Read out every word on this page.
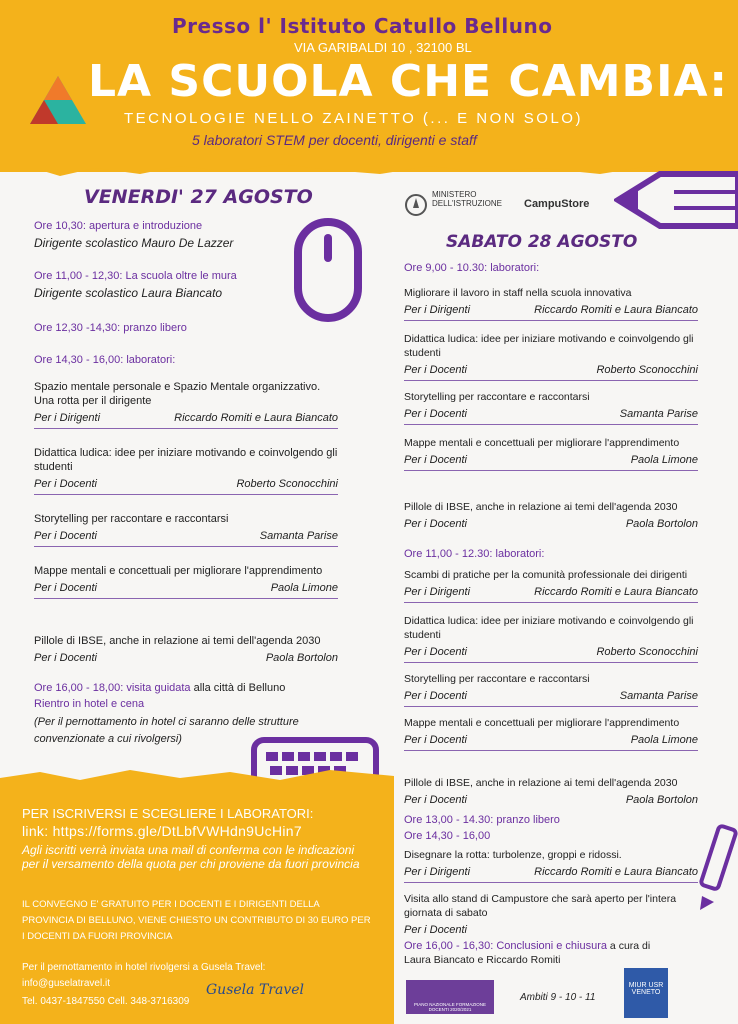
Presso l' Istituto Catullo Belluno
VIA GARIBALDI 10 , 32100 BL
LA SCUOLA CHE CAMBIA:
TECNOLOGIE NELLO ZAINETTO (... E NON SOLO)
5 laboratori STEM per docenti, dirigenti e staff
VENERDI' 27 AGOSTO
Ore 10,30: apertura e introduzione
Dirigente scolastico Mauro De Lazzer
Ore 11,00 - 12,30: La scuola oltre le mura
Dirigente scolastico Laura Biancato
Ore 12,30 -14,30: pranzo libero
Ore 14,30 - 16,00: laboratori:
Spazio mentale personale e Spazio Mentale organizzativo. Una rotta per il dirigente
Per i Dirigenti	Riccardo Romiti e Laura Biancato
Didattica ludica: idee per iniziare motivando e coinvolgendo gli studenti
Per i Docenti	Roberto Sconocchini
Storytelling per raccontare e raccontarsi
Per i Docenti	Samanta Parise
Mappe mentali e concettuali per migliorare l'apprendimento
Per i Docenti	Paola Limone
Pillole di IBSE, anche in relazione ai temi dell'agenda 2030
Per i Docenti	Paola Bortolon
Ore 16,00 - 18,00: visita guidata alla città di Belluno
Rientro in hotel e cena
(Per il pernottamento in hotel ci saranno delle strutture convenzionate a cui rivolgersi)
MINISTERO
DELL'ISTRUZIONE CampuStore
SABATO 28 AGOSTO
Ore 9,00 - 10.30: laboratori:
Migliorare il lavoro in staff nella scuola innovativa
Per i Dirigenti	Riccardo Romiti e Laura Biancato
Didattica ludica: idee per iniziare motivando e coinvolgendo gli studenti
Per i Docenti	Roberto Sconocchini
Storytelling per raccontare e raccontarsi
Per i Docenti	Samanta Parise
Mappe mentali e concettuali per migliorare l'apprendimento
Per i Docenti	Paola Limone
Pillole di IBSE, anche in relazione ai temi dell'agenda 2030
Per i Docenti	Paola Bortolon
Ore 11,00 - 12.30: laboratori:
Scambi di pratiche per la comunità professionale dei dirigenti
Per i Dirigenti	Riccardo Romiti e Laura Biancato
Didattica ludica: idee per iniziare motivando e coinvolgendo gli studenti
Per i Docenti	Roberto Sconocchini
Storytelling per raccontare e raccontarsi
Per i Docenti	Samanta Parise
Mappe mentali e concettuali per migliorare l'apprendimento
Per i Docenti	Paola Limone
Pillole di IBSE, anche in relazione ai temi dell'agenda 2030
Per i Docenti	Paola Bortolon
Ore 13,00 - 14.30: pranzo libero
Ore 14,30 - 16,00
Disegnare la rotta: turbolenze, groppi e ridossi.
Per i Dirigenti	Riccardo Romiti e Laura Biancato
Visita allo stand di Campustore che sarà aperto per l'intera giornata di sabato
Per i Docenti
Ore 16,00 - 16,30: Conclusioni e chiusura a cura di
Laura Biancato e Riccardo Romiti
PIANO NAZIONALE FORMAZIONE DOCENTI 2020/2021
Ambiti 9 - 10 - 11
MIUR USR VENETO
PER ISCRIVERSI E SCEGLIERE I LABORATORI:
link: https://forms.gle/DtLbfVWHdn9UcHin7
Agli iscritti verrà inviata una mail di conferma con le indicazioni per il versamento della quota per chi proviene da fuori provincia
IL CONVEGNO E' GRATUITO PER I DOCENTI E I DIRIGENTI DELLA PROVINCIA DI BELLUNO, VIENE CHIESTO UN CONTRIBUTO DI 30 EURO PER I DOCENTI DA FUORI PROVINCIA
Per il pernottamento in hotel rivolgersi a Gusela Travel:
info@guselatravel.it
Tel. 0437-1847550 Cell. 348-3716309
Gusela Travel
